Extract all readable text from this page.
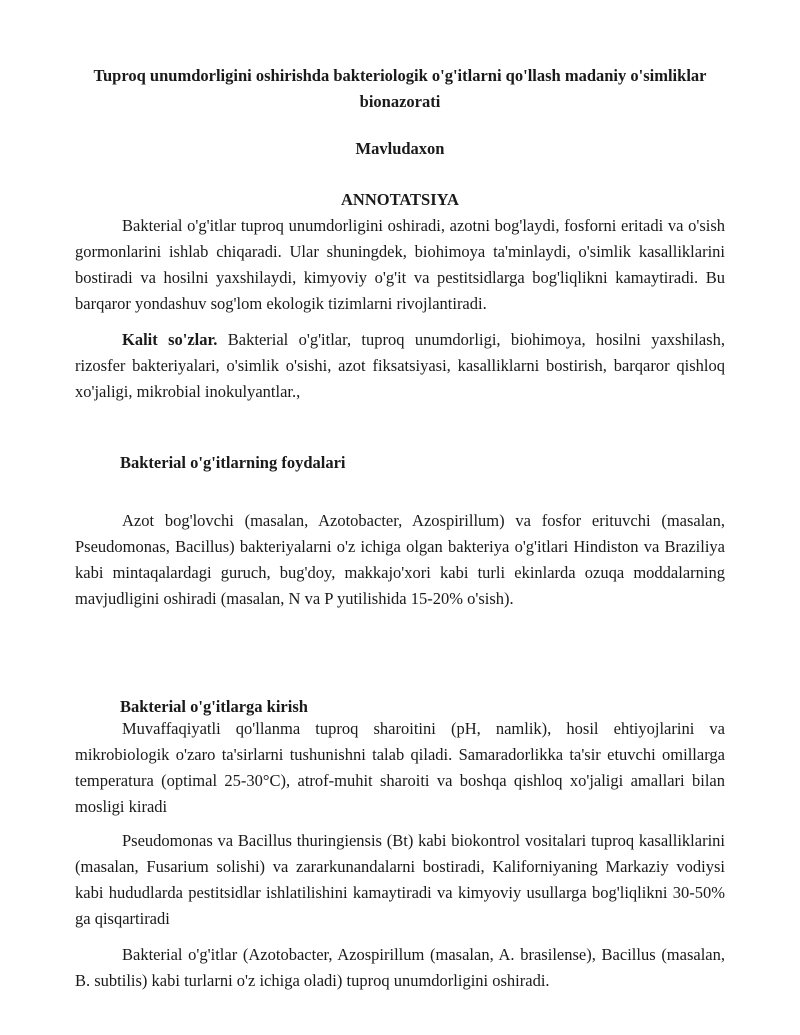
Tuproq unumdorligini oshirishda bakteriologik o'g'itlarni qo'llash madaniy o'simliklar bionazorati
Mavludaxon
ANNOTATSIYA

Bakterial o'g'itlar tuproq unumdorligini oshiradi, azotni bog'laydi, fosforni eritadi va o'sish gormonlarini ishlab chiqaradi. Ular shuningdek, biohimoya ta'minlaydi, o'simlik kasalliklarini bostiradi va hosilni yaxshilaydi, kimyoviy o'g'it va pestitsidlarga bog'liqlikni kamaytiradi. Bu barqaror yondashuv sog'lom ekologik tizimlarni rivojlantiradi.

Kalit so'zlar. Bakterial o'g'itlar, tuproq unumdorligi, biohimoya, hosilni yaxshilash, rizosfer bakteriyalari, o'simlik o'sishi, azot fiksatsiyasi, kasalliklarni bostirish, barqaror qishloq xo'jaligi, mikrobial inokulyantlar.,

Bakterial o'g'itlarning foydalari

Azot bog'lovchi (masalan, Azotobacter, Azospirillum) va fosfor erituvchi (masalan, Pseudomonas, Bacillus) bakteriyalarni o'z ichiga olgan bakteriya o'g'itlari Hindiston va Braziliya kabi mintaqalardagi guruch, bug'doy, makkajo'xori kabi turli ekinlarda ozuqa moddalarning mavjudligini oshiradi (masalan, N va P yutilishida 15-20% o'sish).

Bakterial o'g'itlarga kirish

Muvaffaqiyatli qo'llanma tuproq sharoitini (pH, namlik), hosil ehtiyojlarini va mikrobiologik o'zaro ta'sirlarni tushunishni talab qiladi. Samaradorlikka ta'sir etuvchi omillarga temperatura (optimal 25-30°C), atrof-muhit sharoiti va boshqa qishloq xo'jaligi amallari bilan mosligi kiradi

Pseudomonas va Bacillus thuringiensis (Bt) kabi biokontrol vositalari tuproq kasalliklarini (masalan, Fusarium solishi) va zararkunandalarni bostiradi, Kaliforniyaning Markaziy vodiysi kabi hududlarda pestitsidlar ishlatilishini kamaytiradi va kimyoviy usullarga bog'liqlikni 30-50% ga qisqartiradi

Bakterial o'g'itlar (Azotobacter, Azospirillum (masalan, A. brasilense), Bacillus (masalan, B. subtilis) kabi turlarni o'z ichiga oladi) tuproq unumdorligini oshiradi.
